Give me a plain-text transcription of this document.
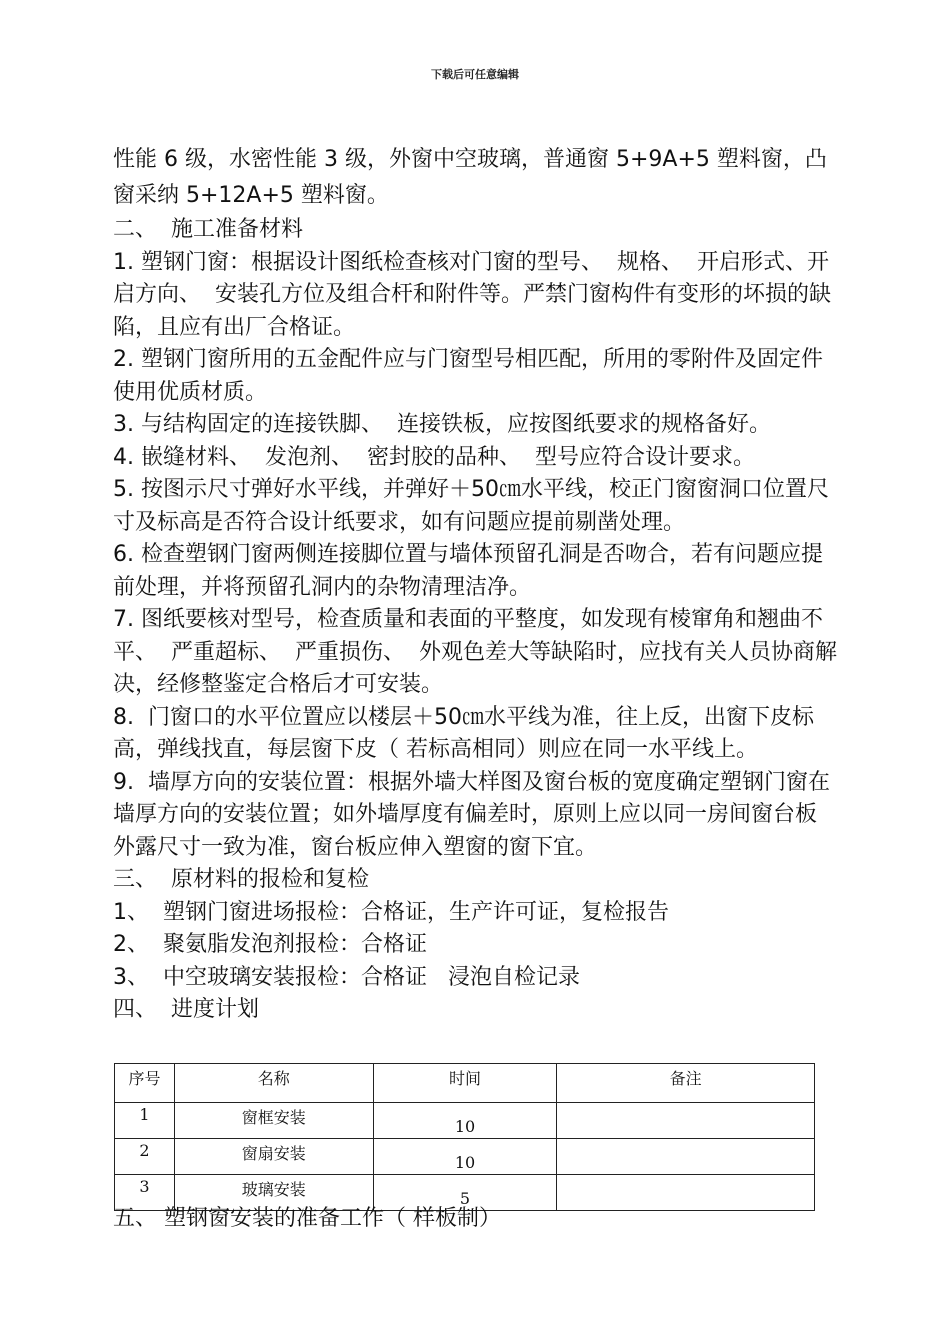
下载后可任意编辑

性能 6 级，水密性能 3 级，外窗中空玻璃，普通窗 5+9A+5 塑料窗，凸窗采纳 5+12A+5 塑料窗。

二、  施工准备材料

1. 塑钢门窗：根据设计图纸检查核对门窗的型号、  规格、  开启形式、开启方向、  安装孔方位及组合杆和附件等。严禁门窗构件有变形的坏损的缺陷，且应有出厂合格证。

2. 塑钢门窗所用的五金配件应与门窗型号相匹配，所用的零附件及固定件使用优质材质。

3. 与结构固定的连接铁脚、  连接铁板，应按图纸要求的规格备好。

4. 嵌缝材料、  发泡剂、  密封胶的品种、  型号应符合设计要求。

5. 按图示尺寸弹好水平线，并弹好＋50㎝水平线，校正门窗窗洞口位置尺寸及标高是否符合设计纸要求，如有问题应提前剔凿处理。

6. 检查塑钢门窗两侧连接脚位置与墙体预留孔洞是否吻合，若有问题应提前处理，并将预留孔洞内的杂物清理洁净。

7. 图纸要核对型号，检查质量和表面的平整度，如发现有棱窜角和翘曲不平、  严重超标、  严重损伤、  外观色差大等缺陷时，应找有关人员协商解决，经修整鉴定合格后才可安装。

8.  门窗口的水平位置应以楼层＋50㎝水平线为准，往上反，出窗下皮标高，弹线找直，每层窗下皮（ 若标高相同）则应在同一水平线上。

9.  墙厚方向的安装位置：根据外墙大样图及窗台板的宽度确定塑钢门窗在墙厚方向的安装位置；如外墙厚度有偏差时，原则上应以同一房间窗台板外露尺寸一致为准，窗台板应伸入塑窗的窗下宜。

三、  原材料的报检和复检

1、  塑钢门窗进场报检：合格证，生产许可证，复检报告

2、  聚氨脂发泡剂报检：合格证

3、  中空玻璃安装报检：合格证   浸泡自检记录

四、  进度计划

序号	名称	时间	备注
1	窗框安装	10	
2	窗扇安装	10	
3	玻璃安装	5	
五、 塑钢窗安装的准备工作（ 样板制）
